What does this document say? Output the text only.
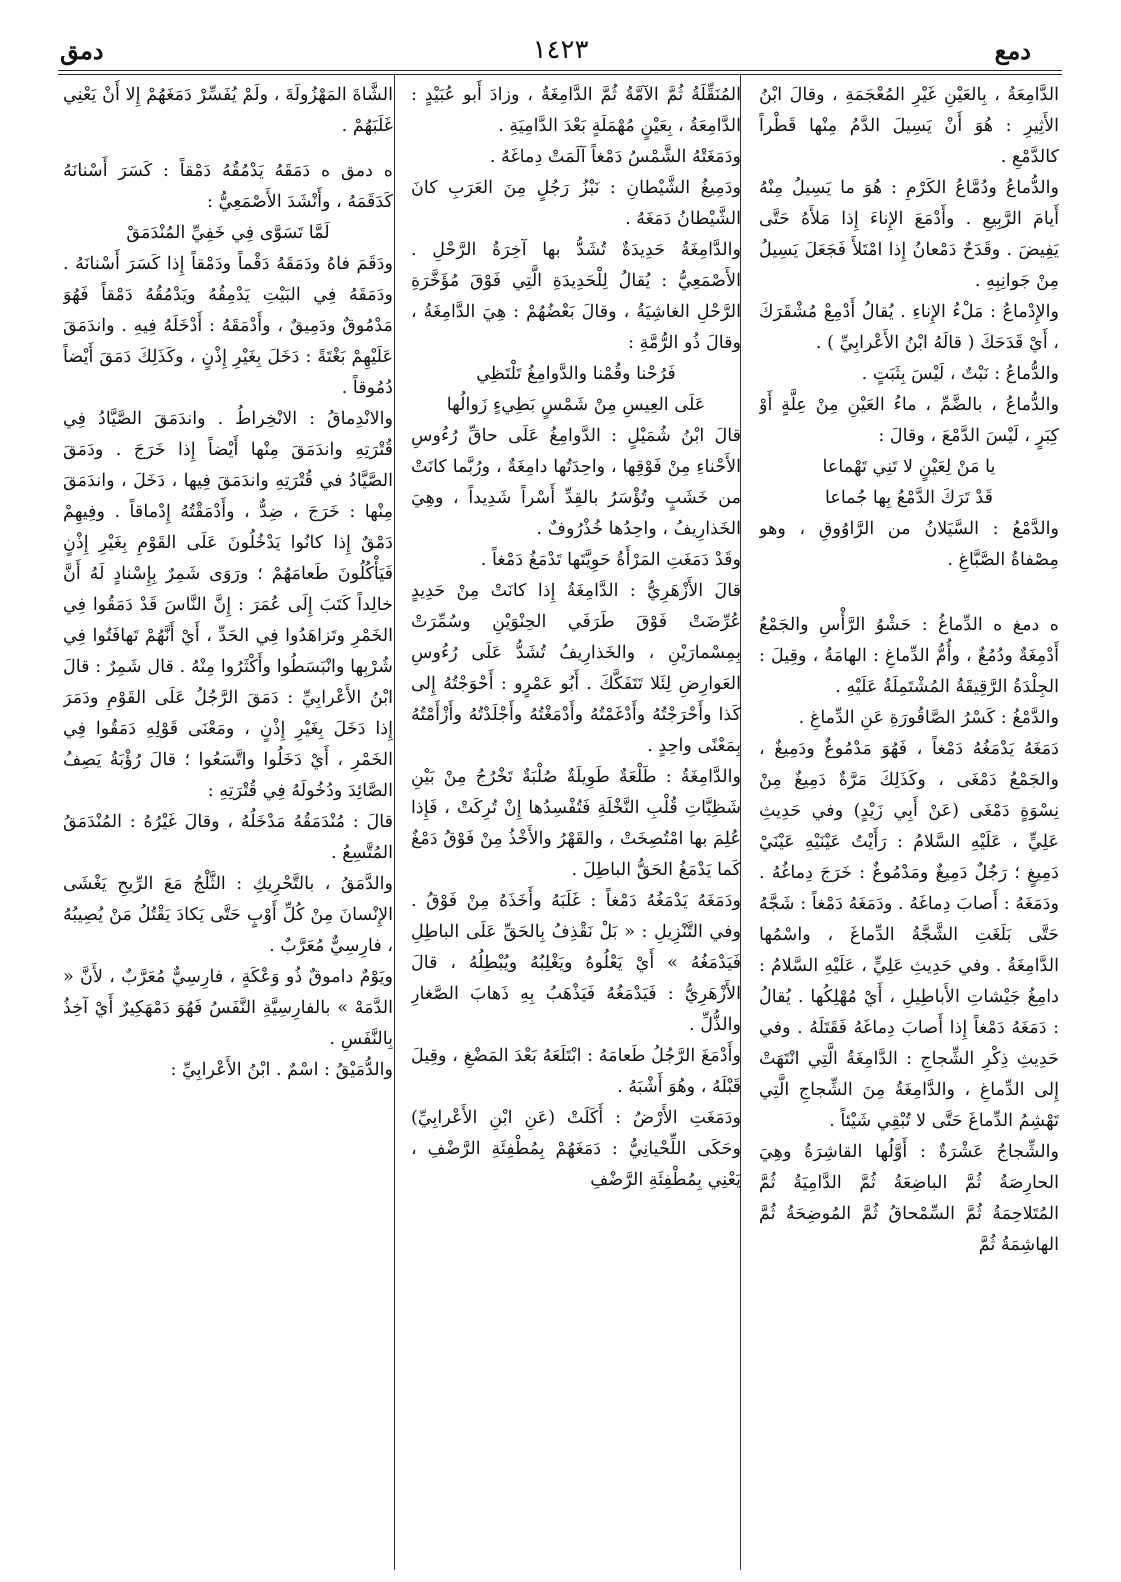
دمع
١٤٢٣
دمق

الدَّامِعَةُ ، بِالعَيْنِ غَيْرِ المُعْجَمَةِ ، وقالَ ابْنُ الأَثِيرِ : هُوَ أَنْ يَسِيلَ الدَّمُ مِنْها قَطْراً كالدَّمْعِ .

والدُّماعُ ودُمَّاعُ الكَرْمِ : هُوَ ما يَسِيلُ مِنْهُ أَيامَ الرَّبِيعِ . وأَدْمَعَ الإِناءَ إِذا مَلأَهُ حَتَّى يَفِيضَ . وقَدَحٌ دَمْعانُ إِذا امْتَلأَ فَجَعَلَ يَسِيلُ مِنْ جَوانِبِهِ .

والإِدْماعُ : مَلْءُ الإِناءِ . يُقالُ أَدْمِعْ مُشْقَرَكَ ، أَيْ قَدَحَكَ ( قالَهُ ابْنُ الأَعْرابِيِّ ) .

والدُّماعُ : نَبْتٌ ، لَيْسَ بِثَبَتٍ .

والدُّماعُ ، بالضَّمِّ ، ماءُ العَيْنِ مِنْ عِلَّةٍ أَوْ كِبَرٍ ، لَيْسَ الدَّمْعَ ، وقالَ :

يا مَنْ لِعَيْنٍ لا تَنِي تَهْماعا
قَدْ تَرَكَ الدَّمْعُ بِها جُماعا

والدَّمْعُ : السَّيَلانُ من الرَّاوُوقِ ، وهو مِصْفاةُ الصَّبَّاغِ .

ه دمغ ه الدِّماغُ : حَشْوُ الرَّأْسِ والجَمْعُ أَدْمِغَةٌ ودُمُغٌ ، وأُمُّ الدِّماغِ : الهامَةُ ، وقِيلَ : الجِلْدَةُ الرَّقِيقَةُ المُشْتَمِلَةُ عَلَيْهِ .

والدَّمْغُ : كَسْرُ الصَّاقُورَةِ عَنِ الدِّماغِ .

دَمَغَهُ يَدْمَغُهُ دَمْغاً ، فَهُوَ مَدْمُوغٌ ودَمِيغٌ ، والجَمْعُ دَمْغَى ، وكَذَلِكَ مَرَّةٌ دَمِيغٌ مِنْ نِسْوَةٍ دَمْغَى (عَنْ أَبِي زَيْدٍ) وفي حَدِيثِ عَلِيٍّ ، عَلَيْهِ السَّلامُ : رَأَيْتُ عَيْنَيْهِ عَيْنَيْ دَمِيغٍ ؛ رَجُلٌ دَمِيغٌ ومَدْمُوغٌ : خَرَجَ دِماغُهُ . ودَمَغَهُ : أَصابَ دِماغَهُ . ودَمَغَهُ دَمْغاً : شَجَّهُ حَتَّى بَلَغَتِ الشَّجَّةُ الدِّماغَ ، واسْمُها الدَّامِغَةُ . وفي حَدِيثِ عَلِيٍّ ، عَلَيْهِ السَّلامُ : دامِغُ جَيْشاتِ الأَباطِيلِ ، أَيْ مُهْلِكُها . يُقالُ : دَمَغَهُ دَمْغاً إِذا أَصابَ دِماغَهُ فَقَتَلَهُ . وفي حَدِيثِ ذِكْرِ الشِّجاجِ : الدَّامِغَةُ الَّتِي انْتَهَتْ إِلى الدِّماغِ ، والدَّامِغَةُ مِنَ الشِّجاجِ الَّتِي تَهْشِمُ الدِّماغَ حَتَّى لا تُبْقِي شَيْئاً .

والشِّجاجُ عَشْرَةٌ : أَوَّلُها القاشِرَةُ وهِيَ الحارِصَةُ ثُمَّ الباضِعَةُ ثُمَّ الدَّامِيَةُ ثُمَّ المُتَلاحِمَةُ ثُمَّ السِّمْحاقُ ثُمَّ المُوضِحَةُ ثُمَّ الهاشِمَةُ ثُمَّ

المُنَقِّلَةُ ثُمَّ الآمَّةُ ثُمَّ الدَّامِغَةُ ، وزادَ أَبو عُبَيْدٍ : الدَّامِعَةُ ، بِعَيْنٍ مُهْمَلَةٍ بَعْدَ الدَّامِيَةِ .

ودَمَغَتْهُ الشَّمْسُ دَمْغاً آلَمَتْ دِماغَهُ .

ودَمِيغُ الشَّيْطانِ : نَبْزُ رَجُلٍ مِنَ العَرَبِ كانَ الشَّيْطانُ دَمَغَهُ .

والدَّامِغَةُ حَدِيدَةٌ تُشَدُّ بها آخِرَةُ الرَّحْلِ . الأَصْمَعِيُّ : يُقالُ لِلْحَدِيدَةِ الَّتِي فَوْقَ مُؤَخَّرَةِ الرَّحْلِ الغاشِيَةُ ، وقالَ بَعْضُهُمْ : هِيَ الدَّامِغَةُ ، وقالَ ذُو الرُّمَّةِ :

فَرُحْنا وقُمْنا والدَّوامِغُ تَلْتَظِي
عَلَى العِيسِ مِنْ شَمْسٍ بَطِيءٍ زَوالُها

قالَ ابْنُ شُمَيْلٍ : الدَّوامِغُ عَلَى حاقِّ رُءُوسِ الأَحْناءِ مِنْ فَوْقِها ، واحِدَتُها دامِغَةٌ ، ورُبَّما كانَتْ من خَشَبٍ وتُؤْسَرُ بالقِدِّ أَسْراً شَدِيداً ، وهِيَ الخَذارِيفُ ، واحِدُها خُذْرُوفٌ .

وقَدْ دَمَغَتِ المَرْأَةُ حَوِيَّتَها تَدْمَغُ دَمْغاً .

قالَ الأَزْهَرِيُّ : الدَّامِغَةُ إِذا كانَتْ مِنْ حَدِيدٍ عُرِّضَتْ فَوْقَ طَرَفَي الحِنْوَيْنِ وسُمِّرَتْ بِمِسْمارَيْنِ ، والخَذارِيفُ تُشَدُّ عَلَى رُءُوسِ العَوارِضِ لِئَلا تَتَفَكَّكَ . أَبُو عَمْرٍو : أَحْوَجْتُهُ إِلى كَذا وأَحْرَجْتُهُ وأَدْغَمْتُهُ وأَدْمَغْتُهُ وأَجْلَدْتُهُ وأَزْأَمْتُهُ بِمَعْنًى واحِدٍ .

والدَّامِغَةُ : طَلْعَةٌ طَوِيلَةٌ صُلْبَةٌ تَخْرُجُ مِنْ بَيْنِ شَظِيَّاتِ قُلْبِ النَّخْلَةِ فَتُفْسِدُها إِنْ تُرِكَتْ ، فَإِذا عُلِمَ بها امْتُصِخَتْ ، والقَهْرُ والأَخْذُ مِنْ فَوْقُ دَمْغٌ كَما يَدْمَغُ الحَقُّ الباطِلَ .

ودَمَغَهُ يَدْمَغُهُ دَمْغاً : غَلَبَهُ وأَخَذَهُ مِنْ فَوْقُ . وفي التَّنْزِيلِ : « بَلْ نَقْذِفُ بِالحَقِّ عَلَى الباطِلِ فَيَدْمَغُهُ » أَيْ يَعْلُوهُ ويَغْلِبُهُ ويُبْطِلُهُ ، قالَ الأَزْهَرِيُّ : فَيَدْمَغُهُ فَيَذْهَبُ بِهِ ذَهابَ الصَّغارِ والذُّلِّ .

وأَدْمَغَ الرَّجُلُ طَعامَهُ : ابْتَلَعَهُ بَعْدَ المَضْغِ ، وقِيلَ قَبْلَهُ ، وهُوَ أَشْبَهُ .

ودَمَغَتِ الأَرْضُ : أَكَلَتْ (عَنِ ابْنِ الأَعْرابِيِّ) وحَكَى اللِّحْيانِيُّ : دَمَغَهُمْ بِمُطْفِئَةِ الرَّضْفِ ، يَعْنِي بِمُطْفِئَةِ الرَّضْفِ

الشَّاةَ المَهْزُولَةَ ، ولَمْ يُفَسِّرْ دَمَغَهُمْ إِلا أَنْ يَعْنِي غَلَبَهُمْ .

ه دمق ه دَمَقَهُ يَدْمُقُهُ دَمْقاً : كَسَرَ أَسْنانَهُ كَدَقَمَهُ ، وأَنْشَدَ الأَصْمَعِيُّ :

لَمَّا تَسَوَّى فِي خَفِيِّ المُنْدَمَقْ

ودَقَمَ فاهُ ودَمَقَهُ دَقْماً ودَمْقاً إِذا كَسَرَ أَسْنانَهُ . ودَمَقَهُ فِي البَيْتِ يَدْمِقُهُ ويَدْمُقُهُ دَمْقاً فَهُوَ مَدْمُوقٌ ودَمِيقٌ ، وأَدْمَقَهُ : أَدْخَلَهُ فِيهِ . واندَمَقَ عَلَيْهِمْ بَغْتَةً : دَخَلَ بِغَيْرِ إِذْنٍ ، وكَذَلِكَ دَمَقَ أَيْضاً دُمُوقاً .

والانْدِماقُ : الانْخِراطُ . واندَمَقَ الصَّيَّادُ فِي قُتْرَتِهِ واندَمَقَ مِنْها أَيْضاً إِذا خَرَجَ . ودَمَقَ الصَّيَّادُ في قُتْرَتِهِ واندَمَقَ فِيها ، دَخَلَ ، واندَمَقَ مِنْها : خَرَجَ ، ضِدٌّ ، وأَدْمَقْتُهُ إِدْماقاً . وفِيهِمْ دَمْقٌ إِذا كانُوا يَدْخُلُونَ عَلَى القَوْمِ بِغَيْرِ إِذْنٍ فَيَأْكُلُونَ طَعامَهُمْ ؛ ورَوَى شَمِرٌ بِإِسْنادٍ لَهُ أَنَّ خالِداً كَتَبَ إِلَى عُمَرَ : إِنَّ النَّاسَ قَدْ دَمَقُوا فِي الخَمْرِ وتَزاهَدُوا فِي الحَدِّ ، أَيْ أَنَّهُمْ تَهافَتُوا فِي شُرْبِها وانْبَسَطُوا وأَكْثَرُوا مِنْهُ . قال شَمِرٌ : قالَ ابْنُ الأَعْرابِيِّ : دَمَقَ الرَّجُلُ عَلَى القَوْمِ ودَمَرَ إِذا دَخَلَ بِغَيْرِ إِذْنٍ ، ومَعْنَى قَوْلِهِ دَمَقُوا فِي الخَمْرِ ، أَيْ دَخَلُوا واتَّسَعُوا ؛ قالَ رُؤْبَةُ يَصِفُ الصَّائِدَ ودُخُولَهُ فِي قُتْرَتِهِ :

قالَ : مُنْدَمَقُهُ مَدْخَلُهُ ، وقالَ غَيْرُهُ : المُنْدَمَقُ المُتَّسِعُ .

والدَّمَقُ ، بالتَّحْرِيكِ : الثَّلْجُ مَعَ الرِّيحِ يَغْشَى الإِنْسانَ مِنْ كُلِّ أَوْبٍ حَتَّى يَكادَ يَقْتُلُ مَنْ يُصِيبُهُ ، فارِسِيٌّ مُعَرَّبٌ .

ويَوْمٌ داموقٌ ذُو وَعْكَةٍ ، فارِسِيٌّ مُعَرَّبٌ ، لأَنَّ « الدَّمَهْ » بالفارِسِيَّةِ النَّفَسُ فَهُوَ دَمْهَكِيرٌ أَيْ آخِذُ بِالنَّفَسِ .

والدُّمَيْقُ : اسْمٌ . ابْنُ الأَعْرابِيِّ :
